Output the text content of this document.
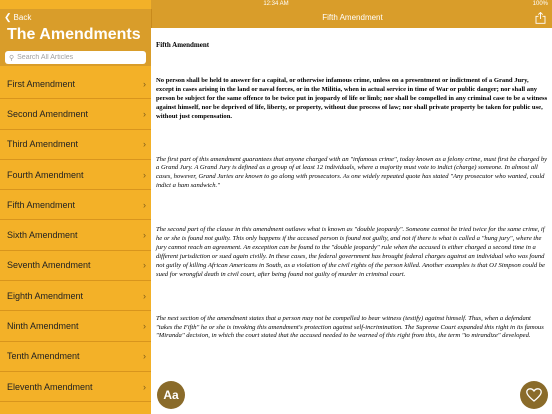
12:34 AM	100%
❮ Back
The Amendments
⚲
Search All Articles
First Amendment	›
Second Amendment	›
Third Amendment	›
Fourth Amendment	›
Fifth Amendment	›
Sixth Amendment	›
Seventh Amendment	›
Eighth Amendment	›
Ninth Amendment	›
Tenth Amendment	›
Eleventh Amendment	›
Fifth Amendment
Fifth Amendment
No person shall be held to answer for a capital, or otherwise infamous crime, unless on a presentment or indictment of a Grand Jury, except in cases arising in the land or naval forces, or in the Militia, when in actual service in time of War or public danger; nor shall any person be subject for the same offence to be twice put in jeopardy of life or limb; nor shall be compelled in any criminal case to be a witness against himself, nor be deprived of life, liberty, or property, without due process of law; nor shall private property be taken for public use, without just compensation.
The first part of this amendment guarantees that anyone charged with an "infamous crime", today known as a felony crime, must first be charged by a Grand Jury. A Grand Jury is defined as a group of at least 12 individuals, where a majority must vote to indict (charge) someone. In almost all cases, however, Grand Juries are known to go along with prosecutors. As one widely repeated quote has stated "Any prosecutor who wanted, could indict a ham sandwich."
The second part of the clause in this amendment outlaws what is known as "double jeopardy". Someone cannot be tried twice for the same crime, if he or she is found not guilty. This only happens if the accused person is found not guilty, and not if there is what is called a "hung jury", where the jury cannot reach an agreement. An exception can be found to the "double jeopardy" rule when the accused is either charged a second time in a different jurisdiction or sued again civilly. In these cases, the federal government has brought federal charges against an individual who was found not guilty of killing African Americans in South, as a violation of the civil rights of the person killed. Another examples is that OJ Simpson could be sued for wrongful death in civil court, after being found not guilty of murder in criminal court.
The next section of the amendment states that a person may not be compelled to bear witness (testify) against himself. Thus, when a defendant "takes the Fifth" he or she is invoking this amendment's protection against self-incrimination. The Supreme Court expanded this right in its famous "Miranda" decision, in which the court stated that the accused needed to be warned of this right from this, the term "to mirandize" developed.
Aa
